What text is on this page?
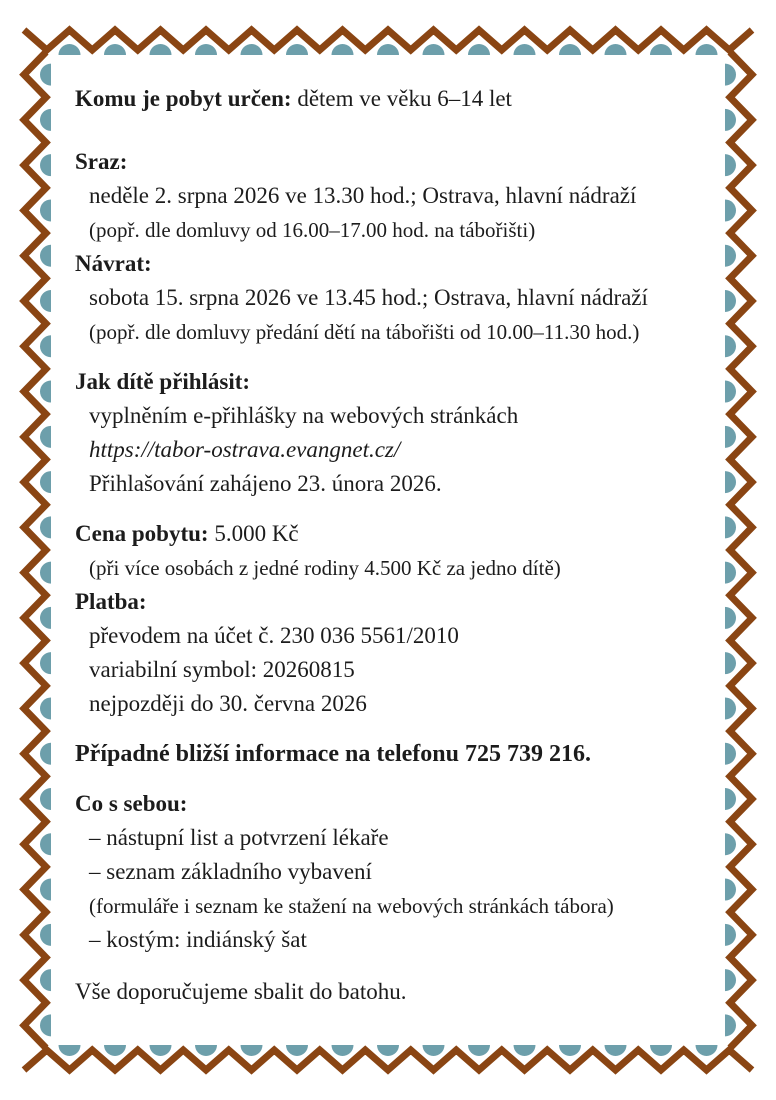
Komu je pobyt určen: dětem ve věku 6–14 let

Sraz:

neděle 2. srpna 2026 ve 13.30 hod.; Ostrava, hlavní nádraží

(popř. dle domluvy od 16.00–17.00 hod. na tábořišti)

Návrat:

sobota 15. srpna 2026 ve 13.45 hod.; Ostrava, hlavní nádraží

(popř. dle domluvy předání dětí na tábořišti od 10.00–11.30 hod.)

Jak dítě přihlásit:

vyplněním e-přihlášky na webových stránkách

https://tabor-ostrava.evangnet.cz/

Přihlašování zahájeno 23. února 2026.

Cena pobytu: 5.000 Kč

(při více osobách z jedné rodiny 4.500 Kč za jedno dítě)

Platba:

převodem na účet č. 230 036 5561/2010

variabilní symbol: 20260815

nejpozději do 30. června 2026

Případné bližší informace na telefonu 725 739 216.

Co s sebou:

– nástupní list a potvrzení lékaře

– seznam základního vybavení

(formuláře i seznam ke stažení na webových stránkách tábora)

– kostým: indiánský šat

Vše doporučujeme sbalit do batohu.
